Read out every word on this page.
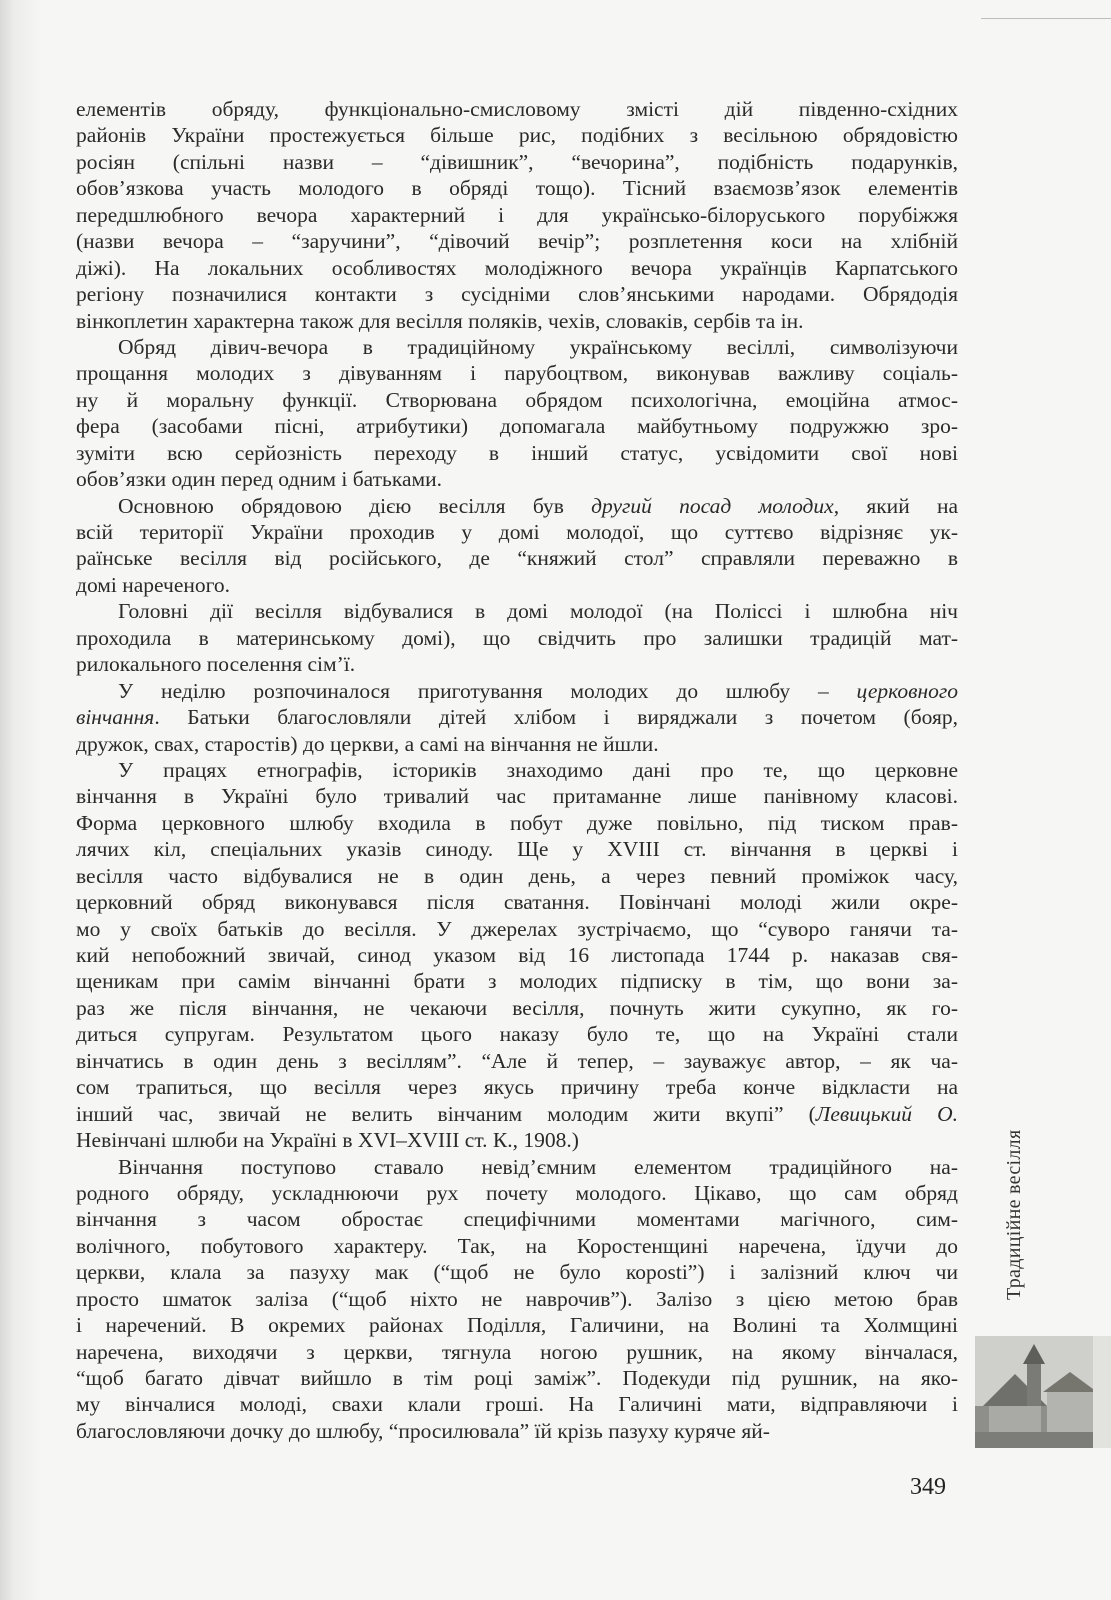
елементів обряду, функціонально-смисловому змісті дій південно-східних
районів України простежується більше рис, подібних з весільною обрядовістю
росіян (спільні назви – “дівишник”, “вечорина”, подібність подарунків,
обов’язкова участь молодого в обряді тощо). Тісний взаємозв’язок елементів
передшлюбного вечора характерний і для українсько-білоруського порубіжжя
(назви вечора – “заручини”, “дівочий вечір”; розплетення коси на хлібній
діжі). На локальних особливостях молодіжного вечора українців Карпатського
регіону позначилися контакти з сусідніми слов’янськими народами. Обрядодія
вінкоплетин характерна також для весілля поляків, чехів, словаків, сербів та ін.
Обряд дівич-вечора в традиційному українському весіллі, символізуючи
прощання молодих з дівуванням і парубоцтвом, виконував важливу соціаль-
ну й моральну функції. Створювана обрядом психологічна, емоційна атмос-
фера (засобами пісні, атрибутики) допомагала майбутньому подружжю зро-
зуміти всю серйозність переходу в інший статус, усвідомити свої нові
обов’язки один перед одним і батьками.
Основною обрядовою дією весілля був другий посад молодих, який на
всій території України проходив у домі молодої, що суттєво відрізняє ук-
раїнське весілля від російського, де “княжий стол” справляли переважно в
домі нареченого.
Головні дії весілля відбувалися в домі молодої (на Поліссі і шлюбна ніч
проходила в материнському домі), що свідчить про залишки традицій мат-
рилокального поселення сім’ї.
У неділю розпочиналося приготування молодих до шлюбу – церковного
вінчання. Батьки благословляли дітей хлібом і виряджали з почетом (бояр,
дружок, свах, старостів) до церкви, а самі на вінчання не йшли.
У працях етнографів, істориків знаходимо дані про те, що церковне
вінчання в Україні було тривалий час притаманне лише панівному класові.
Форма церковного шлюбу входила в побут дуже повільно, під тиском прав-
лячих кіл, спеціальних указів синоду. Ще у XVIII ст. вінчання в церкві і
весілля часто відбувалися не в один день, а через певний проміжок часу,
церковний обряд виконувався після сватання. Повінчані молоді жили окре-
мо у своїх батьків до весілля. У джерелах зустрічаємо, що “суворо ганячи та-
кий непобожний звичай, синод указом від 16 листопада 1744 р. наказав свя-
щеникам при самім вінчанні брати з молодих підписку в тім, що вони за-
раз же після вінчання, не чекаючи весілля, почнуть жити сукупно, як го-
диться супругам. Результатом цього наказу було те, що на Україні стали
вінчатись в один день з весіллям”. “Але й тепер, – зауважує автор, – як ча-
сом трапиться, що весілля через якусь причину треба конче відкласти на
інший час, звичай не велить вінчаним молодим жити вкупі” (Левицький О.
Невінчані шлюби на Україні в XVI–XVIII ст. К., 1908.)
Вінчання поступово ставало невід’ємним елементом традиційного на-
родного обряду, ускладнюючи рух почету молодого. Цікаво, що сам обряд
вінчання з часом обростає специфічними моментами магічного, сим-
волічного, побутового характеру. Так, на Коростенщині наречена, їдучи до
церкви, клала за пазуху мак (“щоб не було короsti”) і залізний ключ чи
просто шматок заліза (“щоб ніхто не наврочив”). Залізо з цією метою брав
і наречений. В окремих районах Поділля, Галичини, на Волині та Холмщині
наречена, виходячи з церкви, тягнула ногою рушник, на якому вінчалася,
“щоб багато дівчат вийшло в тім році заміж”. Подекуди під рушник, на яко-
му вінчалися молоді, свахи клали гроші. На Галичині мати, відправляючи і
благословляючи дочку до шлюбу, “просилювала” їй крізь пазуху куряче яй-
Традиційне весілля
349
